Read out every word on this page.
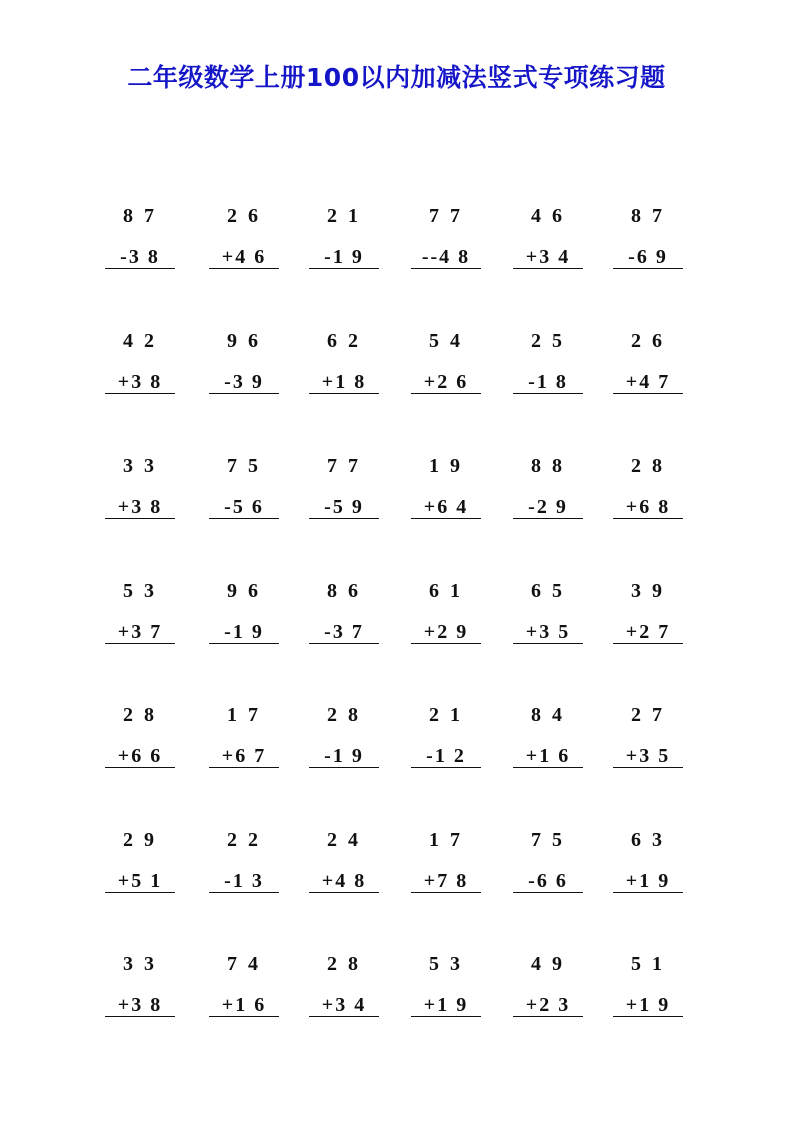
二年级数学上册100以内加减法竖式专项练习题
8 7
-3 8
2 6
+4 6
2 1
-1 9
7 7
--4 8
4 6
+3 4
8 7
-6 9
4 2
+3 8
9 6
-3 9
6 2
+1 8
5 4
+2 6
2 5
-1 8
2 6
+4 7
3 3
+3 8
7 5
-5 6
7 7
-5 9
1 9
+6 4
8 8
-2 9
2 8
+6 8
5 3
+3 7
9 6
-1 9
8 6
-3 7
6 1
+2 9
6 5
+3 5
3 9
+2 7
2 8
+6 6
1 7
+6 7
2 8
-1 9
2 1
-1 2
8 4
+1 6
2 7
+3 5
2 9
+5 1
2 2
-1 3
2 4
+4 8
1 7
+7 8
7 5
-6 6
6 3
+1 9
3 3
+3 8
7 4
+1 6
2 8
+3 4
5 3
+1 9
4 9
+2 3
5 1
+1 9
